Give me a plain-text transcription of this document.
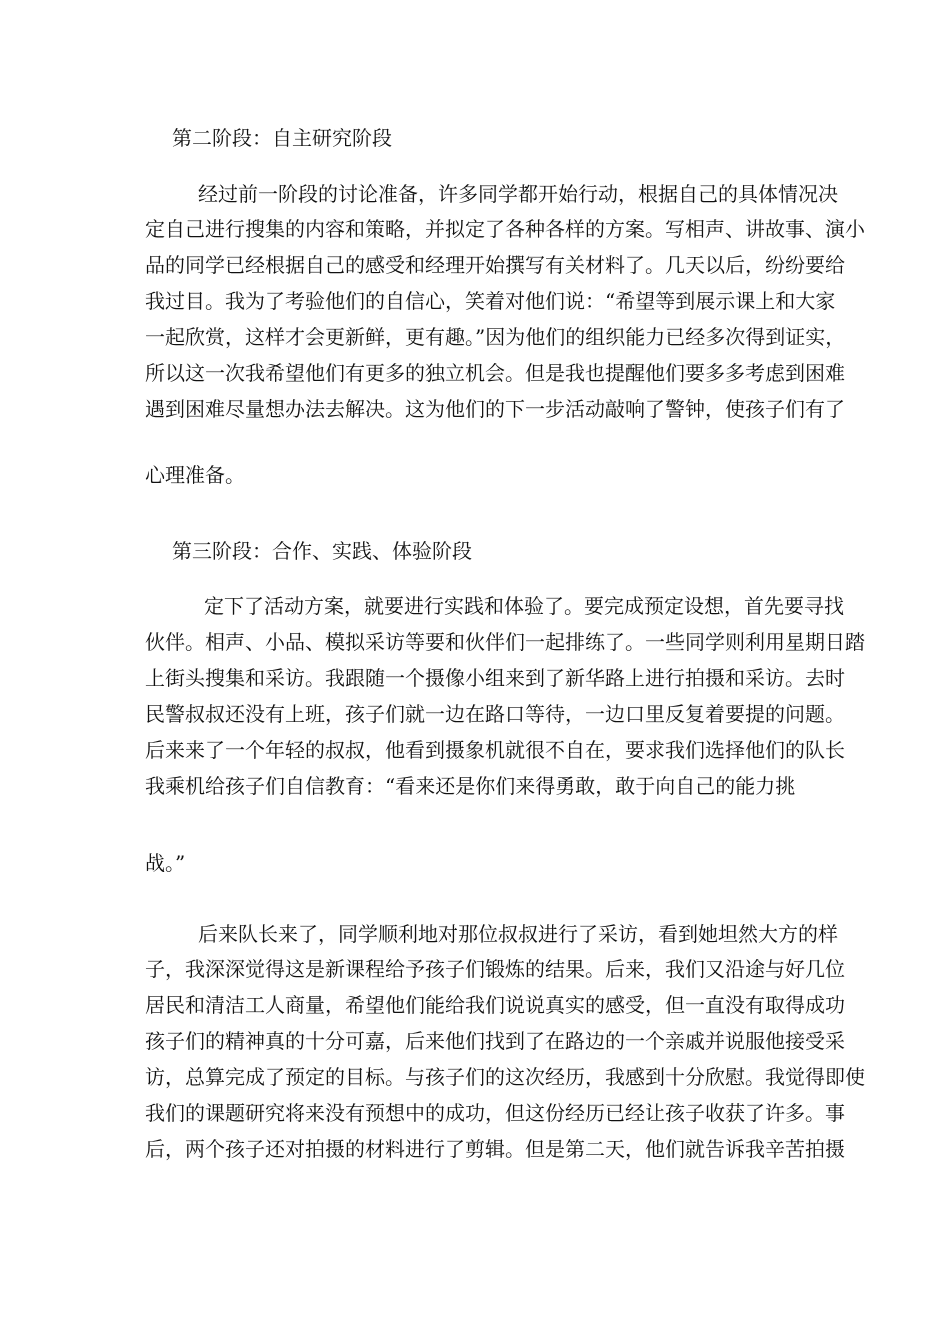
第二阶段：自主研究阶段
经过前一阶段的讨论准备，许多同学都开始行动，根据自己的具体情况决
定自己进行搜集的内容和策略，并拟定了各种各样的方案。写相声、讲故事、演小
品的同学已经根据自己的感受和经理开始撰写有关材料了。几天以后，纷纷要给
我过目。我为了考验他们的自信心，笑着对他们说：“希望等到展示课上和大家
一起欣赏，这样才会更新鲜，更有趣。”因为他们的组织能力已经多次得到证实，
所以这一次我希望他们有更多的独立机会。但是我也提醒他们要多多考虑到困难
遇到困难尽量想办法去解决。这为他们的下一步活动敲响了警钟，使孩子们有了
心理准备。
第三阶段：合作、实践、体验阶段
定下了活动方案，就要进行实践和体验了。要完成预定设想，首先要寻找
伙伴。相声、小品、模拟采访等要和伙伴们一起排练了。一些同学则利用星期日踏
上街头搜集和采访。我跟随一个摄像小组来到了新华路上进行拍摄和采访。去时
民警叔叔还没有上班，孩子们就一边在路口等待，一边口里反复着要提的问题。
后来来了一个年轻的叔叔，他看到摄象机就很不自在，要求我们选择他们的队长
我乘机给孩子们自信教育：“看来还是你们来得勇敢，敢于向自己的能力挑
战。”
后来队长来了，同学顺利地对那位叔叔进行了采访，看到她坦然大方的样
子，我深深觉得这是新课程给予孩子们锻炼的结果。后来，我们又沿途与好几位
居民和清洁工人商量，希望他们能给我们说说真实的感受，但一直没有取得成功
孩子们的精神真的十分可嘉，后来他们找到了在路边的一个亲戚并说服他接受采
访，总算完成了预定的目标。与孩子们的这次经历，我感到十分欣慰。我觉得即使
我们的课题研究将来没有预想中的成功，但这份经历已经让孩子收获了许多。事
后，两个孩子还对拍摄的材料进行了剪辑。但是第二天，他们就告诉我辛苦拍摄
